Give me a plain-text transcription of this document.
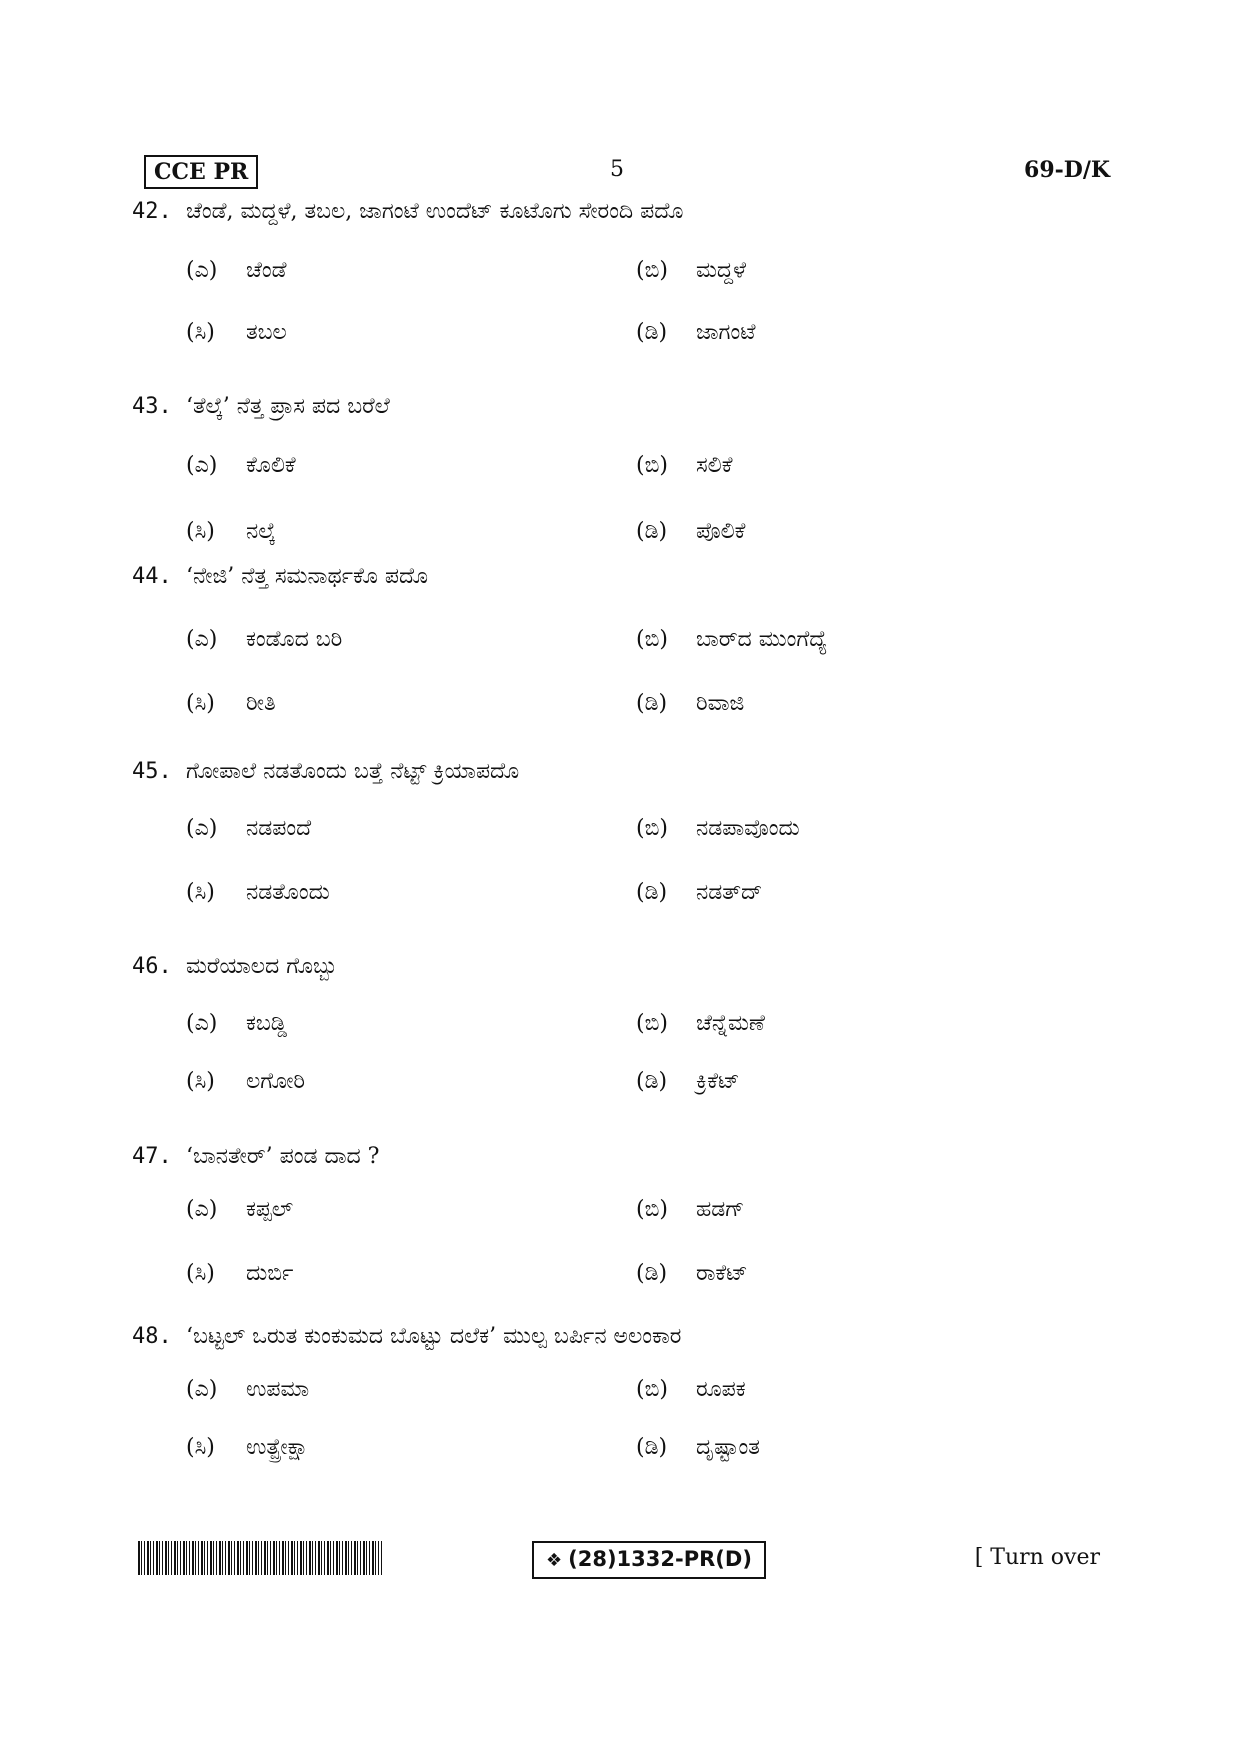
CCE PR	5	69-D/K
42. ಚೆಂಡೆ, ಮದ್ದಳೆ, ತಬಲ, ಜಾಗಂಟೆ ಉಂದೆಟ್ ಕೂಟೊಗು ಸೇರಂದಿ ಪದೊ
(ಎ) ಚೆಂಡೆ	(ಬಿ) ಮದ್ದಳೆ
(ಸಿ) ತಬಲ	(ಡಿ) ಜಾಗಂಟೆ
43. ‘ತೆಲ್ಕೆ’ ನೆತ್ತ ಪ್ರಾಸ ಪದ ಬರೆಲೆ
(ಎ) ಕೊಲಿಕೆ	(ಬಿ) ಸಲಿಕೆ
(ಸಿ) ನಲ್ಕೆ	(ಡಿ) ಪೊಲಿಕೆ
44. ‘ನೇಜಿ’ ನೆತ್ತ ಸಮನಾರ್ಥಕೊ ಪದೊ
(ಎ) ಕಂಡೊದ ಬರಿ	(ಬಿ) ಬಾರ್‌ದ ಮುಂಗೆದ್ಯೆ
(ಸಿ) ರೀತಿ	(ಡಿ) ರಿವಾಜಿ
45. ಗೋಪಾಲೆ ನಡತೊಂದು ಬತ್ತೆ ನೆಟ್ಟ್ ಕ್ರಿಯಾಪದೊ
(ಎ) ನಡಪಂದೆ	(ಬಿ) ನಡಪಾವೊಂದು
(ಸಿ) ನಡತೊಂದು	(ಡಿ) ನಡತ್‌ದ್
46. ಮರೆಯಾಲದ ಗೊಬ್ಬು
(ಎ) ಕಬಡ್ಡಿ	(ಬಿ) ಚೆನ್ನೆಮಣೆ
(ಸಿ) ಲಗೋರಿ	(ಡಿ) ಕ್ರಿಕೆಟ್
47. ‘ಬಾನತೇರ್’ ಪಂಡ ದಾದ ?
(ಎ) ಕಪ್ಪಲ್	(ಬಿ) ಹಡಗ್
(ಸಿ) ದುರ್ಬಿ	(ಡಿ) ರಾಕೆಟ್
48. ‘ಬಟ್ಟಲ್ ಒರುತ ಕುಂಕುಮದ ಬೊಟ್ಟು ದಲೆಕ’ ಮುಲ್ಪ ಬರ್ಪಿನ ಅಲಂಕಾರ
(ಎ) ಉಪಮಾ	(ಬಿ) ರೂಪಕ
(ಸಿ) ಉತ್ಪ್ರೇಕ್ಷಾ	(ಡಿ) ದೃಷ್ಟಾಂತ
❖ (28)1332-PR(D)	[ Turn over
